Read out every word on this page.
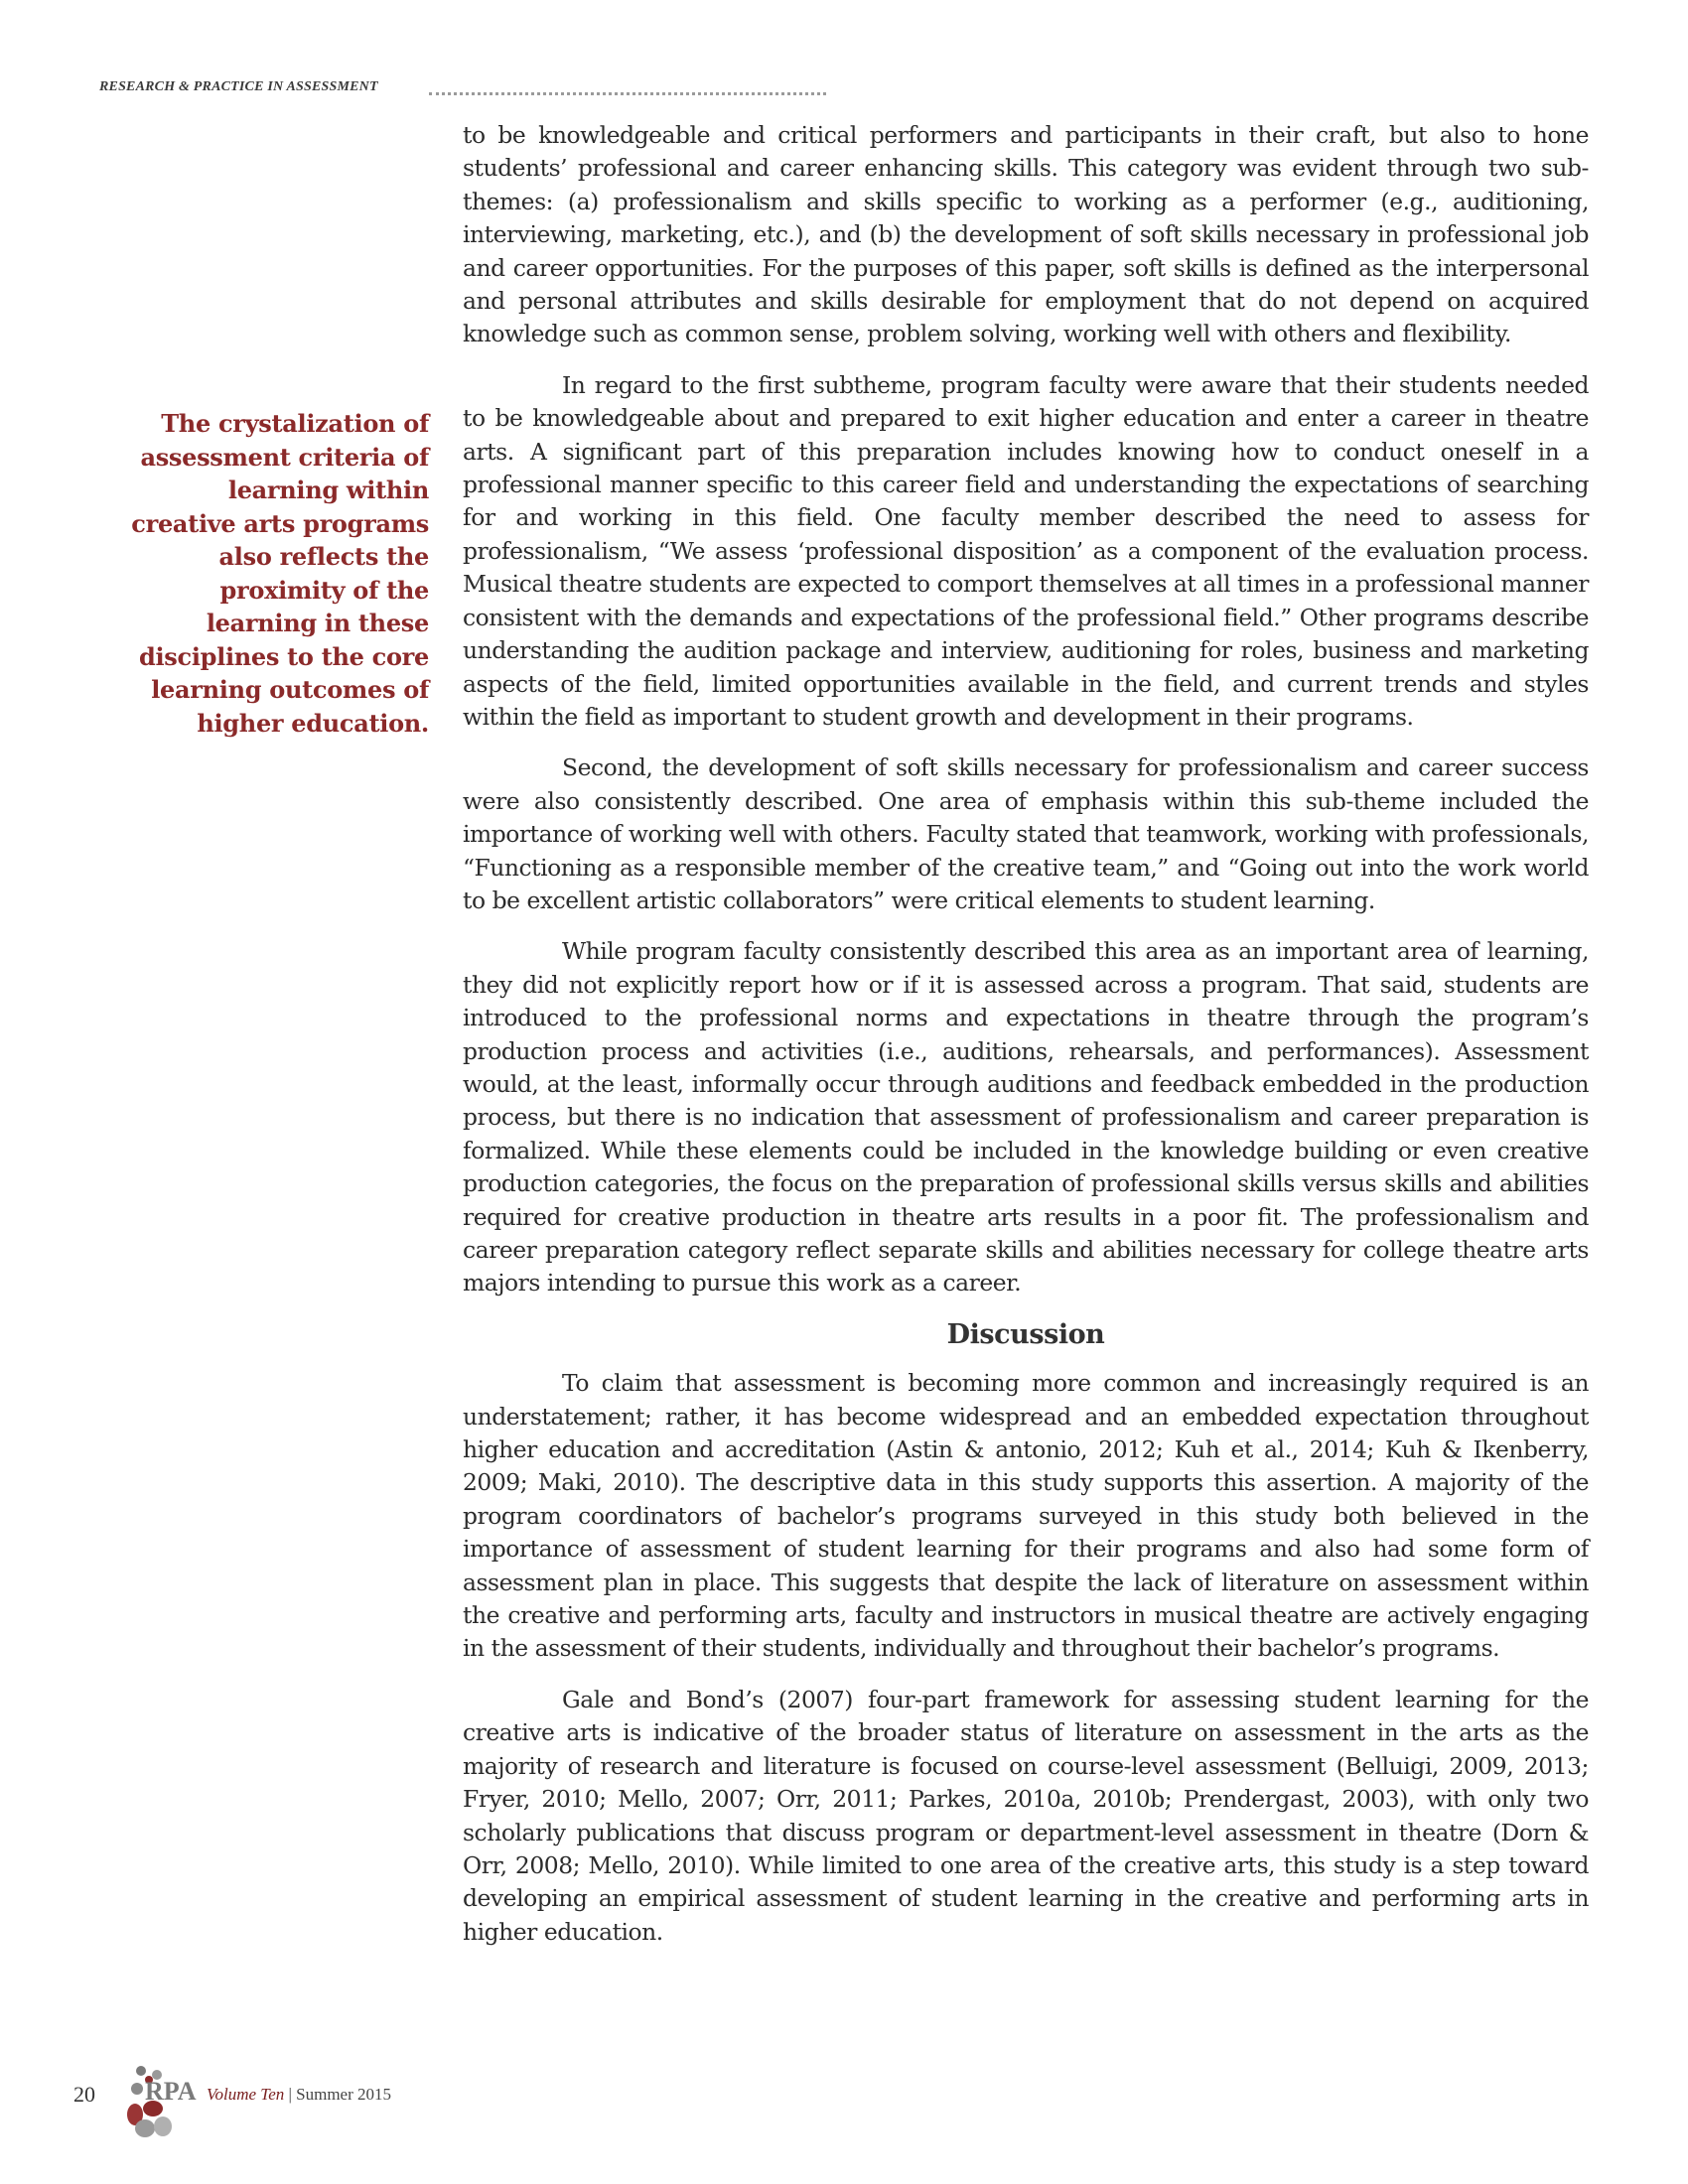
RESEARCH & PRACTICE IN ASSESSMENT
The crystalization of assessment criteria of learning within creative arts programs also reflects the proximity of the learning in these disciplines to the core learning outcomes of higher education.

to be knowledgeable and critical performers and participants in their craft, but also to hone students’ professional and career enhancing skills. This category was evident through two sub-themes: (a) professionalism and skills specific to working as a performer (e.g., auditioning, interviewing, marketing, etc.), and (b) the development of soft skills necessary in professional job and career opportunities. For the purposes of this paper, soft skills is defined as the interpersonal and personal attributes and skills desirable for employment that do not depend on acquired knowledge such as common sense, problem solving, working well with others and flexibility.

In regard to the first subtheme, program faculty were aware that their students needed to be knowledgeable about and prepared to exit higher education and enter a career in theatre arts. A significant part of this preparation includes knowing how to conduct oneself in a professional manner specific to this career field and understanding the expectations of searching for and working in this field. One faculty member described the need to assess for professionalism, “We assess ‘professional disposition’ as a component of the evaluation process. Musical theatre students are expected to comport themselves at all times in a professional manner consistent with the demands and expectations of the professional field.” Other programs describe understanding the audition package and interview, auditioning for roles, business and marketing aspects of the field, limited opportunities available in the field, and current trends and styles within the field as important to student growth and development in their programs.

Second, the development of soft skills necessary for professionalism and career success were also consistently described. One area of emphasis within this sub-theme included the importance of working well with others. Faculty stated that teamwork, working with professionals, “Functioning as a responsible member of the creative team,” and “Going out into the work world to be excellent artistic collaborators” were critical elements to student learning.

While program faculty consistently described this area as an important area of learning, they did not explicitly report how or if it is assessed across a program. That said, students are introduced to the professional norms and expectations in theatre through the program’s production process and activities (i.e., auditions, rehearsals, and performances). Assessment would, at the least, informally occur through auditions and feedback embedded in the production process, but there is no indication that assessment of professionalism and career preparation is formalized. While these elements could be included in the knowledge building or even creative production categories, the focus on the preparation of professional skills versus skills and abilities required for creative production in theatre arts results in a poor fit. The professionalism and career preparation category reflect separate skills and abilities necessary for college theatre arts majors intending to pursue this work as a career.

Discussion

To claim that assessment is becoming more common and increasingly required is an understatement; rather, it has become widespread and an embedded expectation throughout higher education and accreditation (Astin & antonio, 2012; Kuh et al., 2014; Kuh & Ikenberry, 2009; Maki, 2010). The descriptive data in this study supports this assertion. A majority of the program coordinators of bachelor’s programs surveyed in this study both believed in the importance of assessment of student learning for their programs and also had some form of assessment plan in place. This suggests that despite the lack of literature on assessment within the creative and performing arts, faculty and instructors in musical theatre are actively engaging in the assessment of their students, individually and throughout their bachelor’s programs.

Gale and Bond’s (2007) four-part framework for assessing student learning for the creative arts is indicative of the broader status of literature on assessment in the arts as the majority of research and literature is focused on course-level assessment (Belluigi, 2009, 2013; Fryer, 2010; Mello, 2007; Orr, 2011; Parkes, 2010a, 2010b; Prendergast, 2003), with only two scholarly publications that discuss program or department-level assessment in theatre (Dorn & Orr, 2008; Mello, 2010). While limited to one area of the creative arts, this study is a step toward developing an empirical assessment of student learning in the creative and performing arts in higher education.

20 RPA Volume Ten | Summer 2015
